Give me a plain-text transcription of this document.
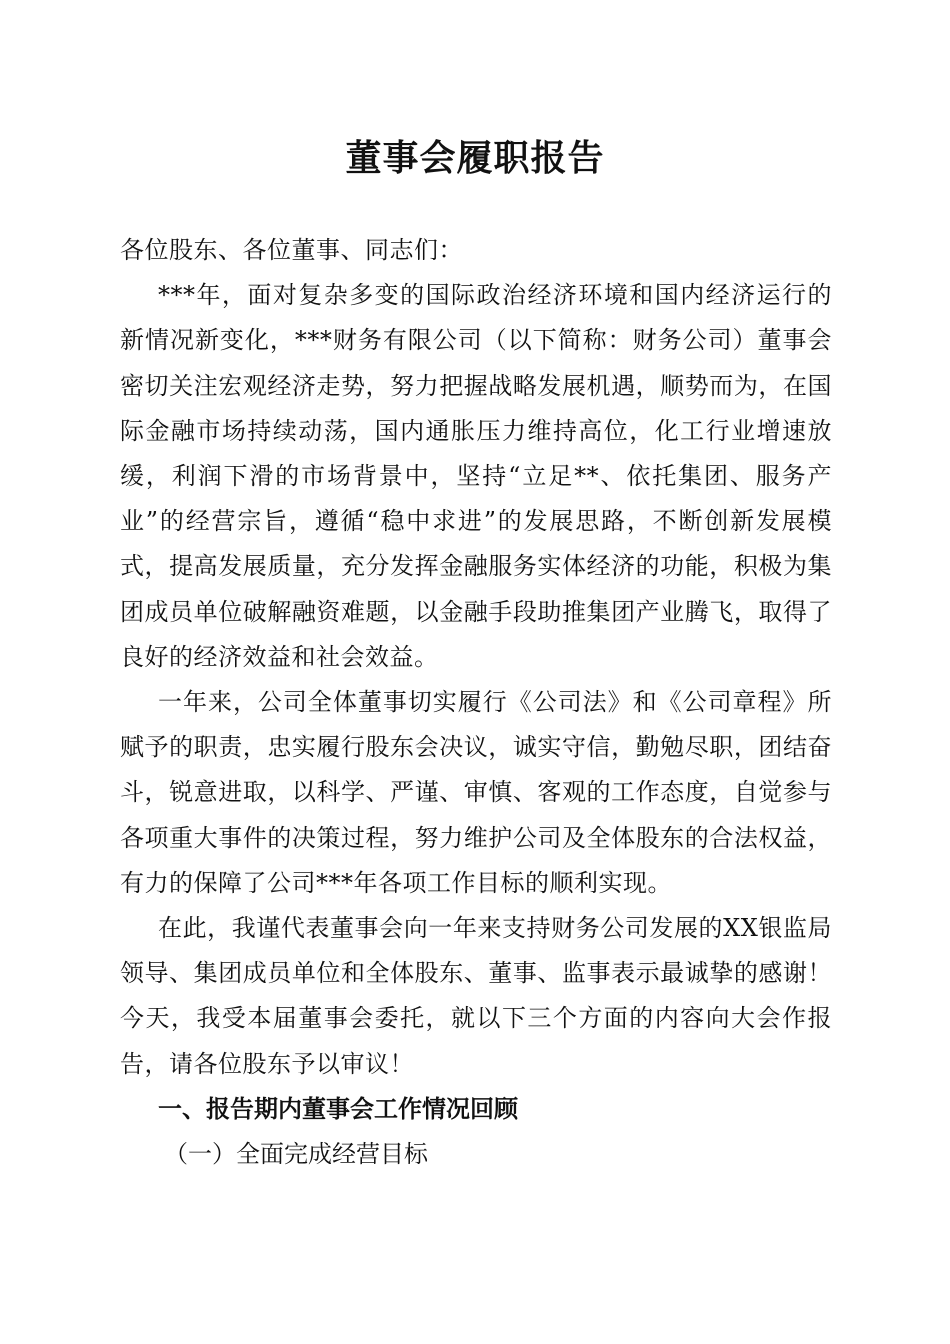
董事会履职报告

各位股东、各位董事、同志们：

***年，面对复杂多变的国际政治经济环境和国内经济运行的新情况新变化，***财务有限公司（以下简称：财务公司）董事会密切关注宏观经济走势，努力把握战略发展机遇，顺势而为，在国际金融市场持续动荡，国内通胀压力维持高位，化工行业增速放缓，利润下滑的市场背景中，坚持“立足**、依托集团、服务产业”的经营宗旨，遵循“稳中求进”的发展思路，不断创新发展模式，提高发展质量，充分发挥金融服务实体经济的功能，积极为集团成员单位破解融资难题，以金融手段助推集团产业腾飞，取得了良好的经济效益和社会效益。

一年来，公司全体董事切实履行《公司法》和《公司章程》所赋予的职责，忠实履行股东会决议，诚实守信，勤勉尽职，团结奋斗，锐意进取，以科学、严谨、审慎、客观的工作态度，自觉参与各项重大事件的决策过程，努力维护公司及全体股东的合法权益，有力的保障了公司***年各项工作目标的顺利实现。

在此，我谨代表董事会向一年来支持财务公司发展的XX银监局领导、集团成员单位和全体股东、董事、监事表示最诚挚的感谢！今天，我受本届董事会委托，就以下三个方面的内容向大会作报告，请各位股东予以审议！

一、报告期内董事会工作情况回顾

（一）全面完成经营目标
